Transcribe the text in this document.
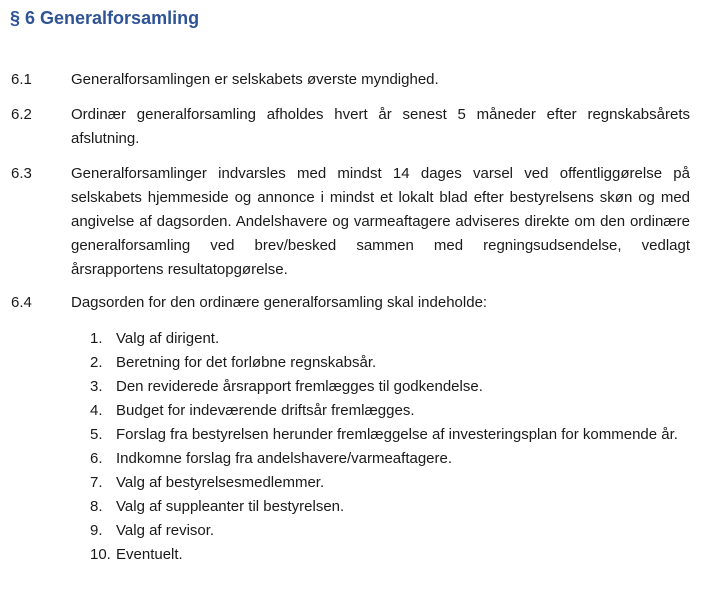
§ 6 Generalforsamling
6.1	Generalforsamlingen er selskabets øverste myndighed.
6.2	Ordinær generalforsamling afholdes hvert år senest 5 måneder efter regnskabsårets afslutning.
6.3	Generalforsamlinger indvarsles med mindst 14 dages varsel ved offentliggørelse på selskabets hjemmeside og annonce i mindst et lokalt blad efter bestyrelsens skøn og med angivelse af dagsorden. Andelshavere og varmeaftagere adviseres direkte om den ordinære generalforsamling ved brev/besked sammen med regningsudsendelse, vedlagt årsrapportens resultatopgørelse.
6.4	Dagsorden for den ordinære generalforsamling skal indeholde:
1. Valg af dirigent.
2. Beretning for det forløbne regnskabsår.
3. Den reviderede årsrapport fremlægges til godkendelse.
4. Budget for indeværende driftsår fremlægges.
5. Forslag fra bestyrelsen herunder fremlæggelse af investeringsplan for kommende år.
6. Indkomne forslag fra andelshavere/varmeaftagere.
7. Valg af bestyrelsesmedlemmer.
8. Valg af suppleanter til bestyrelsen.
9. Valg af revisor.
10. Eventuelt.
